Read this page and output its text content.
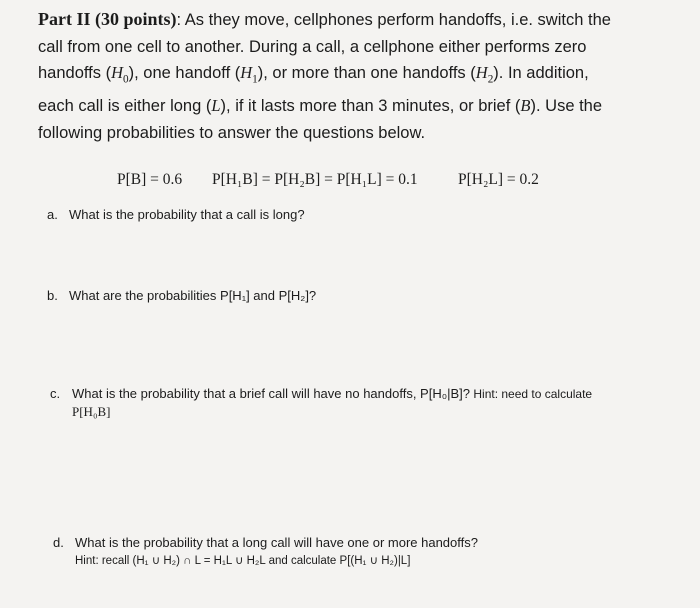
Part II (30 points): As they move, cellphones perform handoffs, i.e. switch the
call from one cell to another. During a call, a cellphone either performs zero
handoffs $(H_0)$, one handoff $(H_1)$, or more than one handoffs $(H_2)$. In addition,
each call is either long (L), if it lasts more than 3 minutes, or brief (B). Use the
following probabilities to answer the questions below.
P[B] = 0.6 P[H₁B] = P[H₂B] = P[H₁L] = 0.1	P[H₂L] = 0.2
a. What is the probability that a call is long?
b. What are the probabilities P[H₁] and P[H₂]?
c. What is the probability that a brief call will have no handoffs, P[H₀|B]? Hint: need to calculate
P[H₀B]
d. What is the probability that a long call will have one or more handoffs?
Hint: recall (H₁ ∪ H₂) ∩ L = H₁L ∪ H₂L and calculate P[(H₁ ∪ H₂)|L]
